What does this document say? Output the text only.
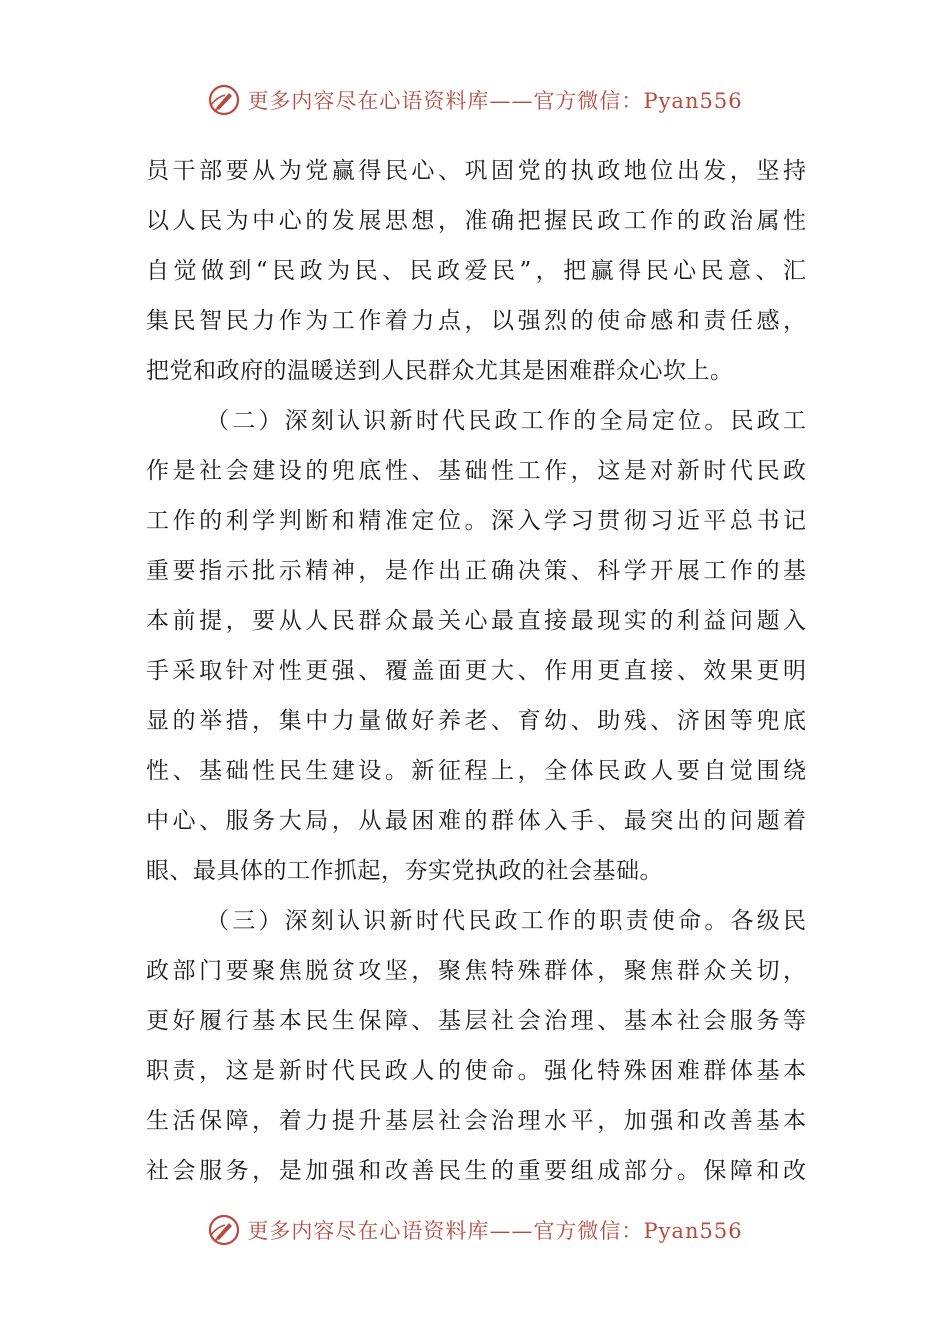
更多内容尽在心语资料库——官方微信：Pyan556
员干部要从为党赢得民心、巩固党的执政地位出发，坚持
以人民为中心的发展思想，准确把握民政工作的政治属性
自觉做到“民政为民、民政爱民”，把赢得民心民意、汇
集民智民力作为工作着力点，以强烈的使命感和责任感，
把党和政府的温暖送到人民群众尤其是困难群众心坎上。
（二）深刻认识新时代民政工作的全局定位。民政工
作是社会建设的兜底性、基础性工作，这是对新时代民政
工作的利学判断和精准定位。深入学习贯彻习近平总书记
重要指示批示精神，是作出正确决策、科学开展工作的基
本前提，要从人民群众最关心最直接最现实的利益问题入
手采取针对性更强、覆盖面更大、作用更直接、效果更明
显的举措，集中力量做好养老、育幼、助残、济困等兜底
性、基础性民生建设。新征程上，全体民政人要自觉围绕
中心、服务大局，从最困难的群体入手、最突出的问题着
眼、最具体的工作抓起，夯实党执政的社会基础。
（三）深刻认识新时代民政工作的职责使命。各级民
政部门要聚焦脱贫攻坚，聚焦特殊群体，聚焦群众关切，
更好履行基本民生保障、基层社会治理、基本社会服务等
职责，这是新时代民政人的使命。强化特殊困难群体基本
生活保障，着力提升基层社会治理水平，加强和改善基本
社会服务，是加强和改善民生的重要组成部分。保障和改
更多内容尽在心语资料库——官方微信：Pyan556
